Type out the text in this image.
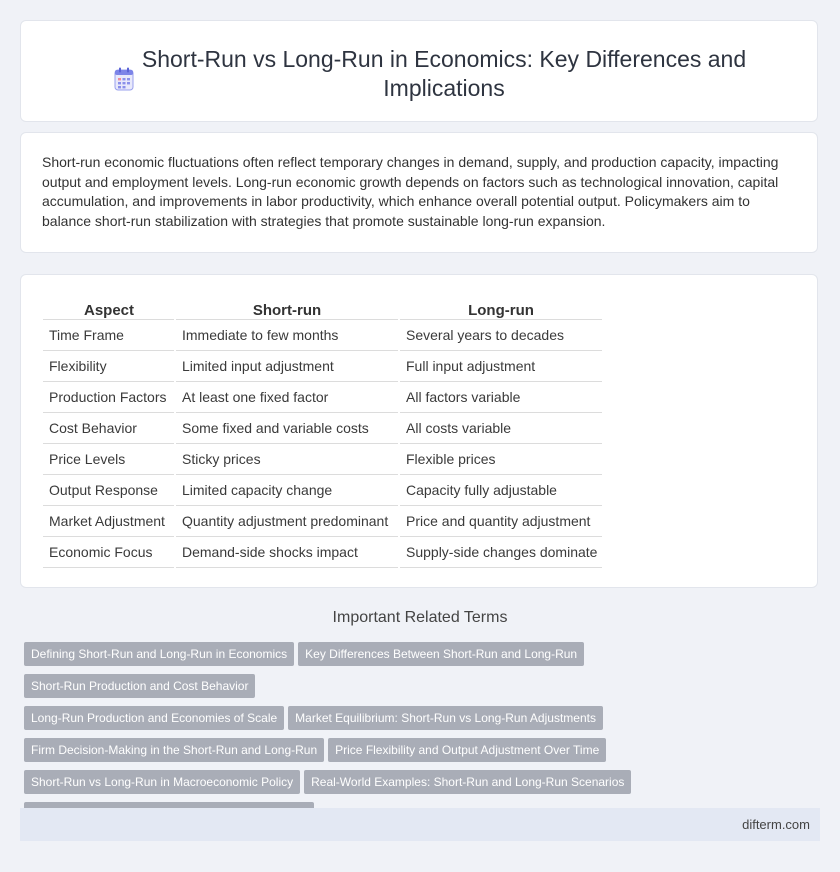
Short-Run vs Long-Run in Economics: Key Differences and Implications

Short-run economic fluctuations often reflect temporary changes in demand, supply, and production capacity, impacting output and employment levels. Long-run economic growth depends on factors such as technological innovation, capital accumulation, and improvements in labor productivity, which enhance overall potential output. Policymakers aim to balance short-run stabilization with strategies that promote sustainable long-run expansion.

Aspect	Short-run	Long-run
Time Frame	Immediate to few months	Several years to decades
Flexibility	Limited input adjustment	Full input adjustment
Production Factors	At least one fixed factor	All factors variable
Cost Behavior	Some fixed and variable costs	All costs variable
Price Levels	Sticky prices	Flexible prices
Output Response	Limited capacity change	Capacity fully adjustable
Market Adjustment	Quantity adjustment predominant	Price and quantity adjustment
Economic Focus	Demand-side shocks impact	Supply-side changes dominate
Important Related Terms
Defining Short-Run and Long-Run in Economics Key Differences Between Short-Run and Long-RunShort-Run Production and Cost Behavior
Long-Run Production and Economies of Scale Market Equilibrium: Short-Run vs Long-Run Adjustments
Firm Decision-Making in the Short-Run and Long-Run Price Flexibility and Output Adjustment Over Time
Short-Run vs Long-Run in Macroeconomic Policy Real-World Examples: Short-Run and Long-Run Scenarios

difterm.com
